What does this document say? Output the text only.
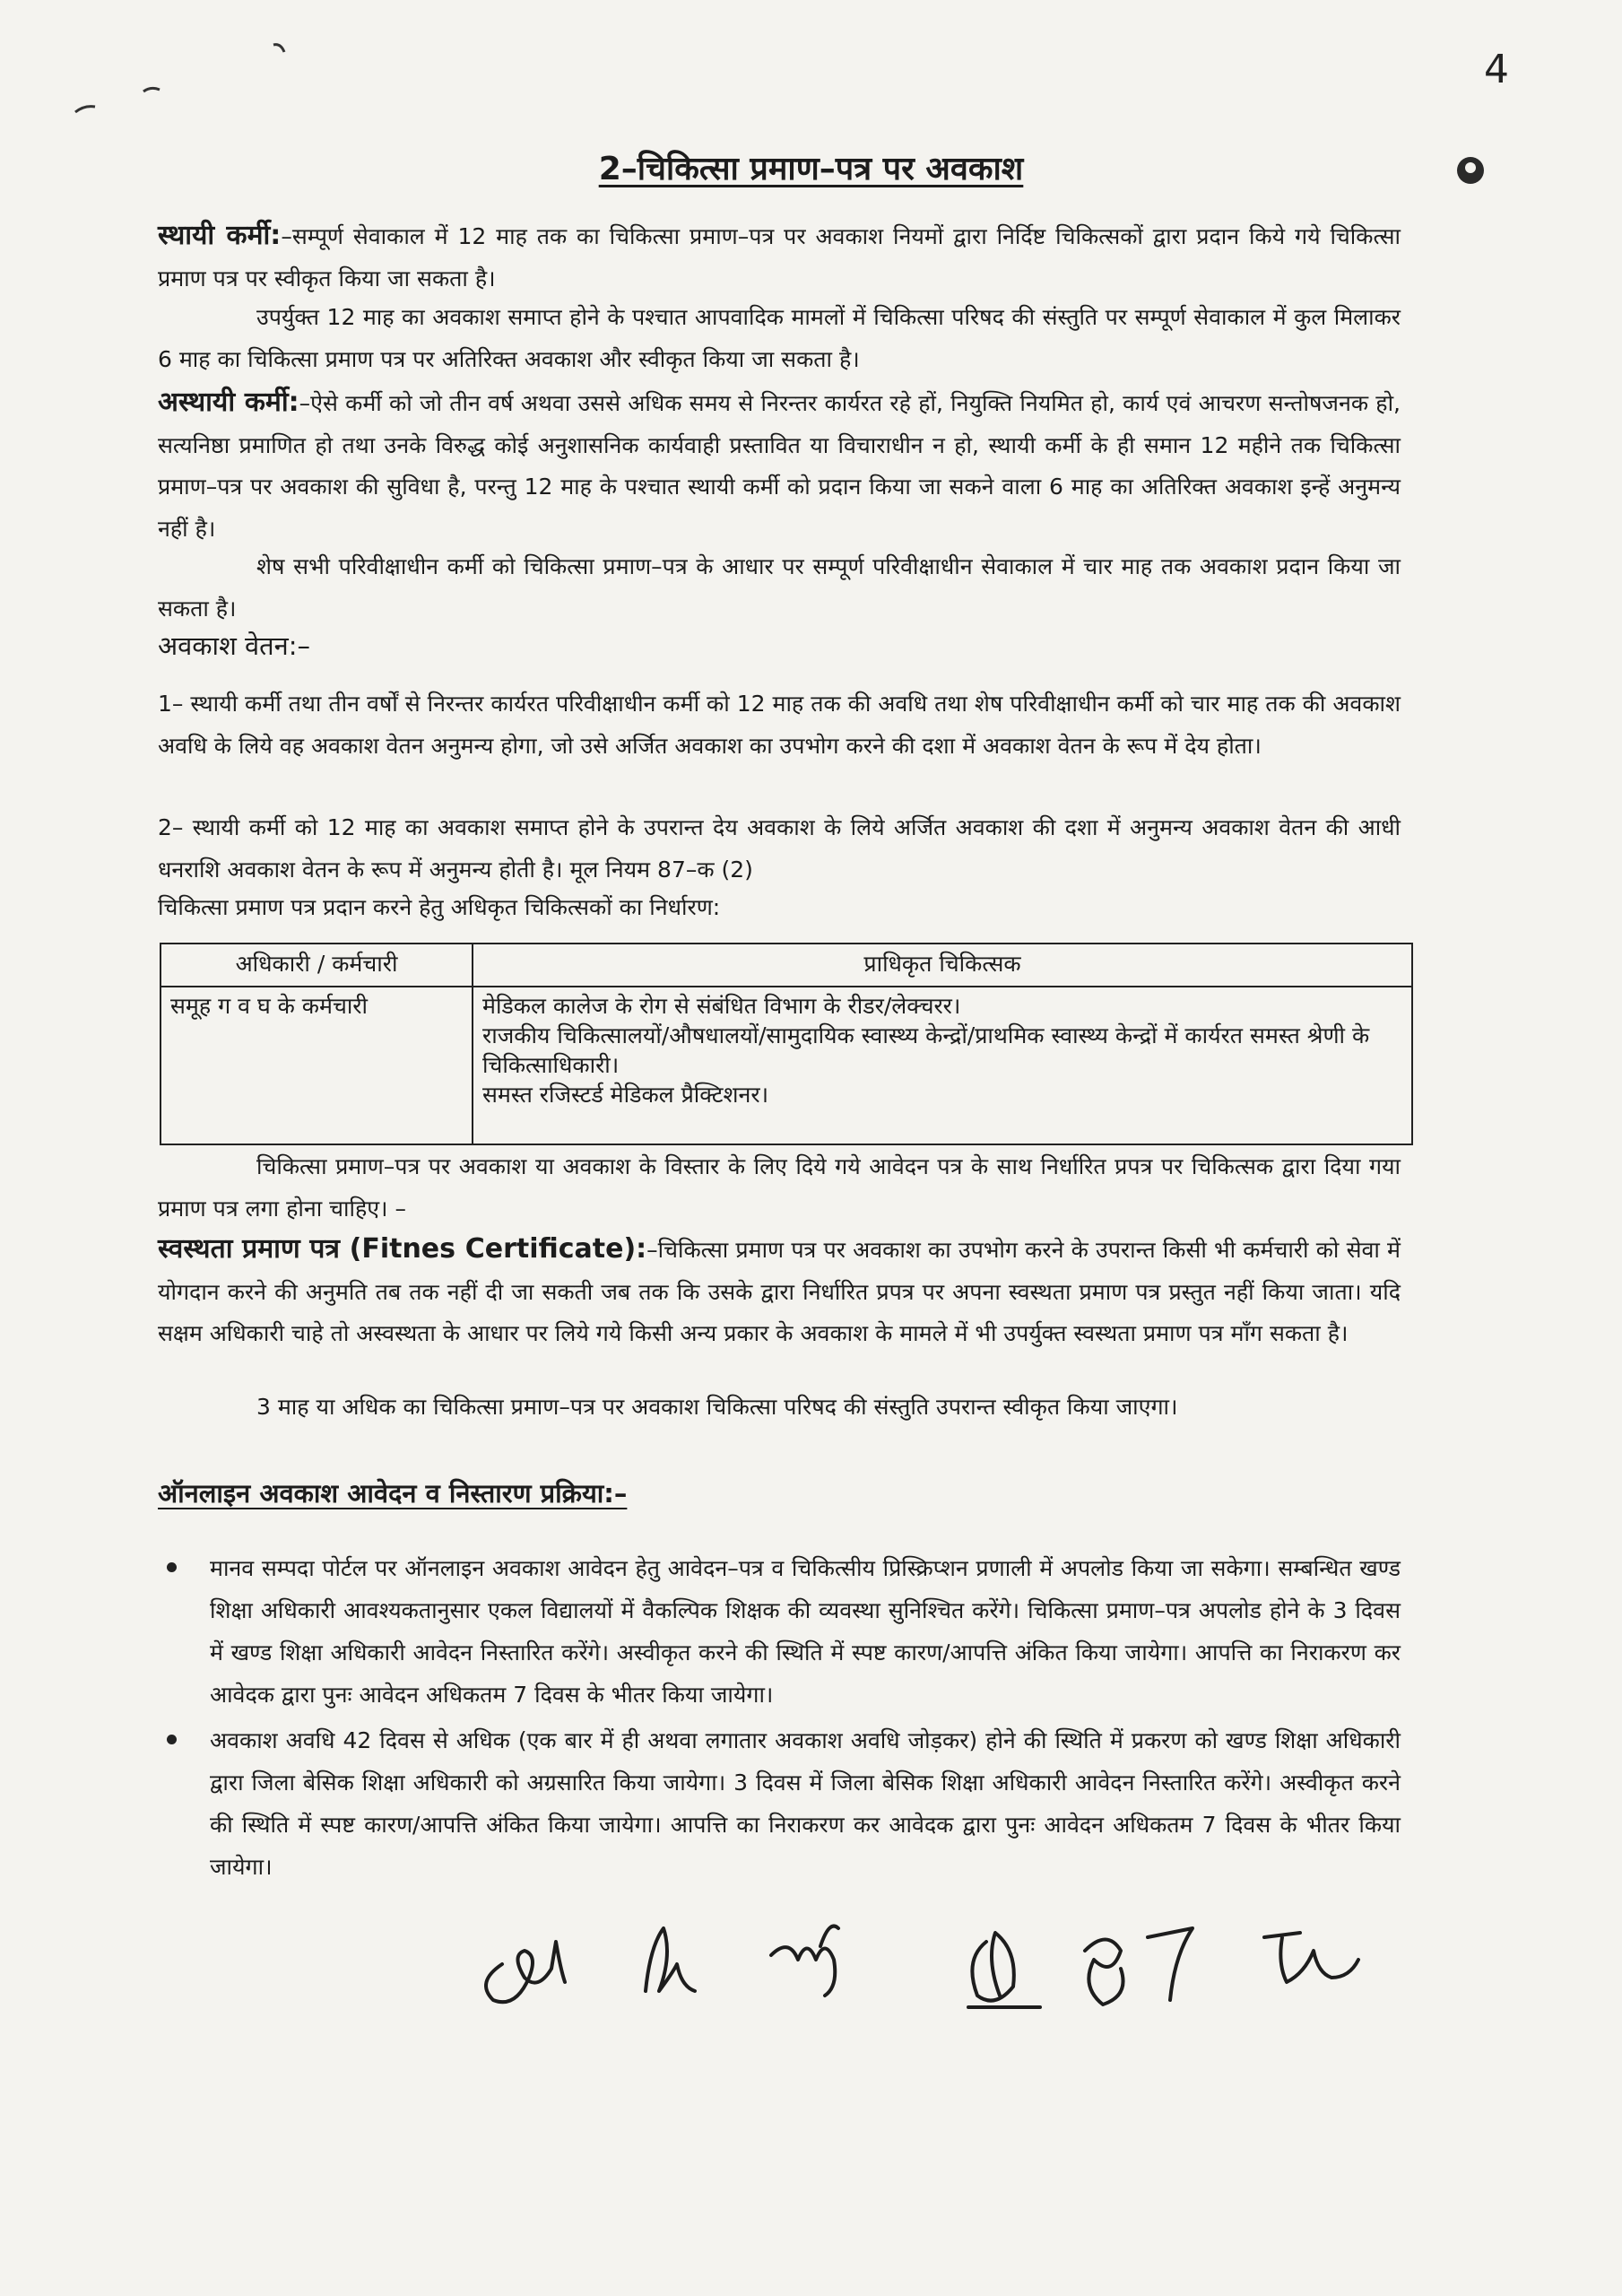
4
2–चिकित्सा प्रमाण–पत्र पर अवकाश

स्थायी कर्मी:–सम्पूर्ण सेवाकाल में 12 माह तक का चिकित्सा प्रमाण–पत्र पर अवकाश नियमों द्वारा निर्दिष्ट चिकित्सकों द्वारा प्रदान किये गये चिकित्सा प्रमाण पत्र पर स्वीकृत किया जा सकता है।

उपर्युक्त 12 माह का अवकाश समाप्त होने के पश्चात आपवादिक मामलों में चिकित्सा परिषद की संस्तुति पर सम्पूर्ण सेवाकाल में कुल मिलाकर 6 माह का चिकित्सा प्रमाण पत्र पर अतिरिक्त अवकाश और स्वीकृत किया जा सकता है।

अस्थायी कर्मी:–ऐसे कर्मी को जो तीन वर्ष अथवा उससे अधिक समय से निरन्तर कार्यरत रहे हों, नियुक्ति नियमित हो, कार्य एवं आचरण सन्तोषजनक हो, सत्यनिष्ठा प्रमाणित हो तथा उनके विरुद्ध कोई अनुशासनिक कार्यवाही प्रस्तावित या विचाराधीन न हो, स्थायी कर्मी के ही समान 12 महीने तक चिकित्सा प्रमाण–पत्र पर अवकाश की सुविधा है, परन्तु 12 माह के पश्चात स्थायी कर्मी को प्रदान किया जा सकने वाला 6 माह का अतिरिक्त अवकाश इन्हें अनुमन्य नहीं है।

शेष सभी परिवीक्षाधीन कर्मी को चिकित्सा प्रमाण–पत्र के आधार पर सम्पूर्ण परिवीक्षाधीन सेवाकाल में चार माह तक अवकाश प्रदान किया जा सकता है।

अवकाश वेतन:–

1– स्थायी कर्मी तथा तीन वर्षों से निरन्तर कार्यरत परिवीक्षाधीन कर्मी को 12 माह तक की अवधि तथा शेष परिवीक्षाधीन कर्मी को चार माह तक की अवकाश अवधि के लिये वह अवकाश वेतन अनुमन्य होगा, जो उसे अर्जित अवकाश का उपभोग करने की दशा में अवकाश वेतन के रूप में देय होता।

2– स्थायी कर्मी को 12 माह का अवकाश समाप्त होने के उपरान्त देय अवकाश के लिये अर्जित अवकाश की दशा में अनुमन्य अवकाश वेतन की आधी धनराशि अवकाश वेतन के रूप में अनुमन्य होती है। मूल नियम 87–क (2)

चिकित्सा प्रमाण पत्र प्रदान करने हेतु अधिकृत चिकित्सकों का निर्धारण:

अधिकारी / कर्मचारी	प्राधिकृत चिकित्सक
समूह ग व घ के कर्मचारी	मेडिकल कालेज के रोग से संबंधित विभाग के रीडर/लेक्चरर।
राजकीय चिकित्सालयों/औषधालयों/सामुदायिक स्वास्थ्य केन्द्रों/प्राथमिक स्वास्थ्य केन्द्रों में कार्यरत समस्त श्रेणी के चिकित्साधिकारी।
समस्त रजिस्टर्ड मेडिकल प्रैक्टिशनर।

चिकित्सा प्रमाण–पत्र पर अवकाश या अवकाश के विस्तार के लिए दिये गये आवेदन पत्र के साथ निर्धारित प्रपत्र पर चिकित्सक द्वारा दिया गया प्रमाण पत्र लगा होना चाहिए। –

स्वस्थता प्रमाण पत्र (Fitnes Certificate):–चिकित्सा प्रमाण पत्र पर अवकाश का उपभोग करने के उपरान्त किसी भी कर्मचारी को सेवा में योगदान करने की अनुमति तब तक नहीं दी जा सकती जब तक कि उसके द्वारा निर्धारित प्रपत्र पर अपना स्वस्थता प्रमाण पत्र प्रस्तुत नहीं किया जाता। यदि सक्षम अधिकारी चाहे तो अस्वस्थता के आधार पर लिये गये किसी अन्य प्रकार के अवकाश के मामले में भी उपर्युक्त स्वस्थता प्रमाण पत्र माँग सकता है।

3 माह या अधिक का चिकित्सा प्रमाण–पत्र पर अवकाश चिकित्सा परिषद की संस्तुति उपरान्त स्वीकृत किया जाएगा।

ऑनलाइन अवकाश आवेदन व निस्तारण प्रक्रिया:–
मानव सम्पदा पोर्टल पर ऑनलाइन अवकाश आवेदन हेतु आवेदन–पत्र व चिकित्सीय प्रिस्क्रिप्शन प्रणाली में अपलोड किया जा सकेगा। सम्बन्धित खण्ड शिक्षा अधिकारी आवश्यकतानुसार एकल विद्यालयों में वैकल्पिक शिक्षक की व्यवस्था सुनिश्चित करेंगे। चिकित्सा प्रमाण–पत्र अपलोड होने के 3 दिवस में खण्ड शिक्षा अधिकारी आवेदन निस्तारित करेंगे। अस्वीकृत करने की स्थिति में स्पष्ट कारण/आपत्ति अंकित किया जायेगा। आपत्ति का निराकरण कर आवेदक द्वारा पुनः आवेदन अधिकतम 7 दिवस के भीतर किया जायेगा।
अवकाश अवधि 42 दिवस से अधिक (एक बार में ही अथवा लगातार अवकाश अवधि जोड़कर) होने की स्थिति में प्रकरण को खण्ड शिक्षा अधिकारी द्वारा जिला बेसिक शिक्षा अधिकारी को अग्रसारित किया जायेगा। 3 दिवस में जिला बेसिक शिक्षा अधिकारी आवेदन निस्तारित करेंगे। अस्वीकृत करने की स्थिति में स्पष्ट कारण/आपत्ति अंकित किया जायेगा। आपत्ति का निराकरण कर आवेदक द्वारा पुनः आवेदन अधिकतम 7 दिवस के भीतर किया जायेगा।
